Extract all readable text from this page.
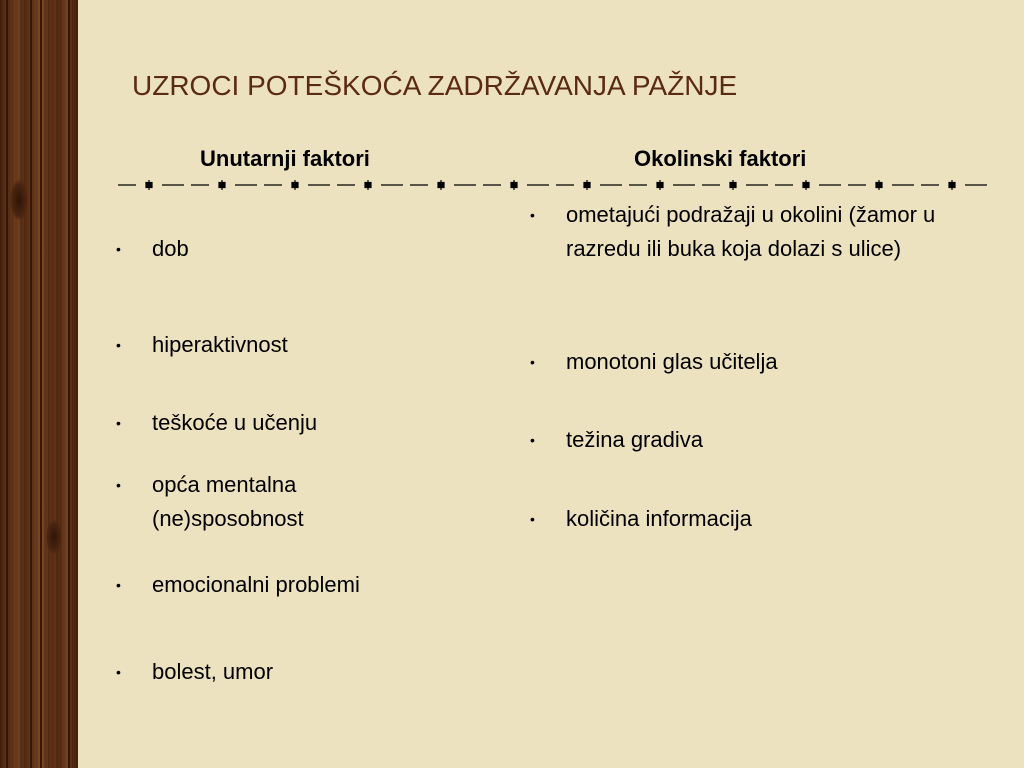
UZROCI POTEŠKOĆA ZADRŽAVANJA PAŽNJE
Unutarnji faktori	Okolinski faktori
• dob
• hiperaktivnost
• teškoće u učenju
• opća mentalna (ne)sposobnost
• emocionalni problemi
• bolest, umor
• ometajući podražaji u okolini (žamor u razredu ili buka koja dolazi s ulice)
• monotoni glas učitelja
• težina gradiva
• količina informacija
